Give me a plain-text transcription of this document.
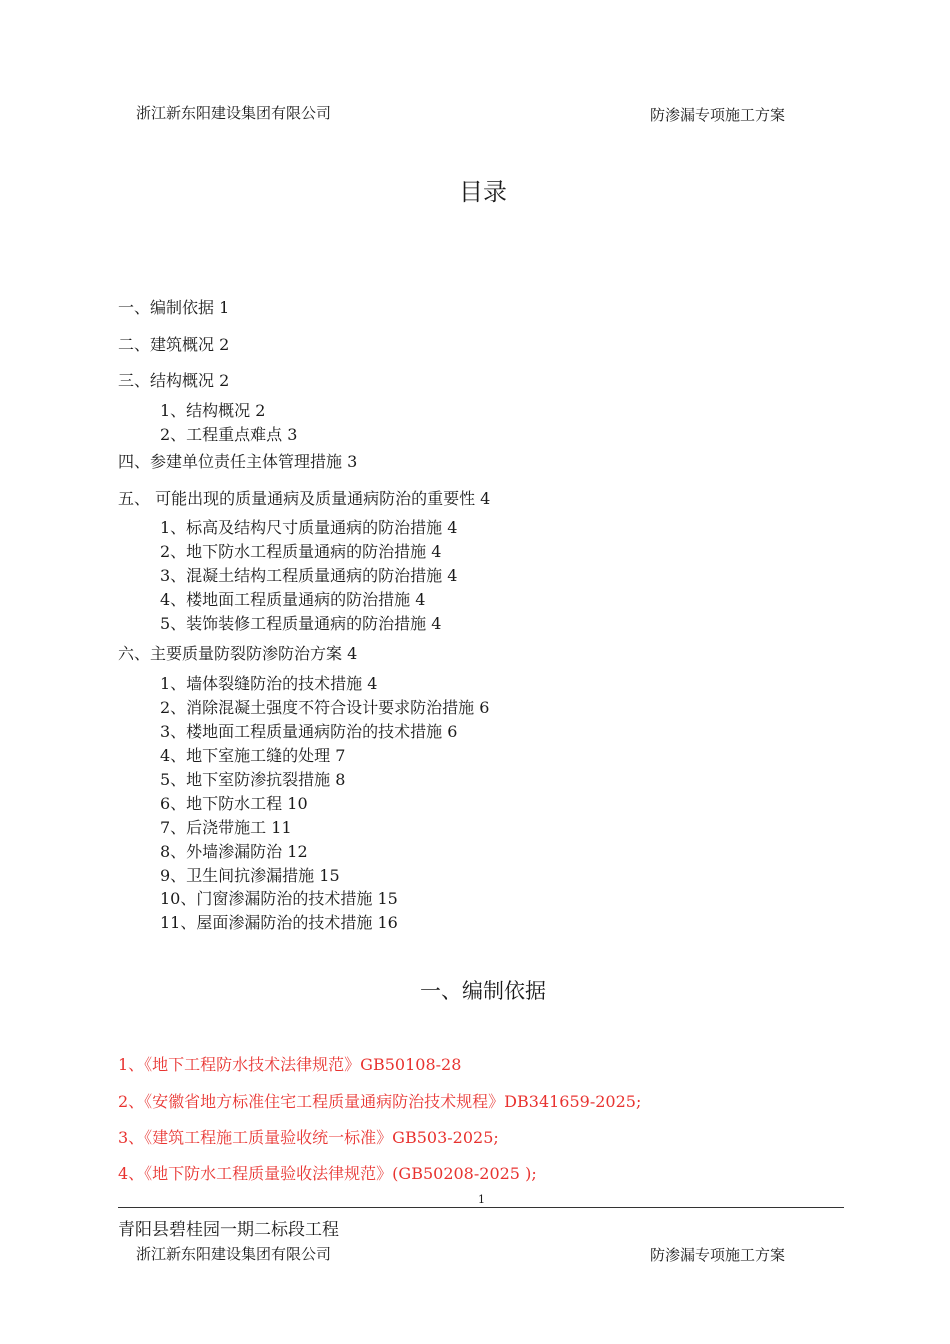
浙江新东阳建设集团有限公司	防渗漏专项施工方案
目录
一、编制依据 1
二、建筑概况 2
三、结构概况 2
1、结构概况 2
2、工程重点难点 3
四、参建单位责任主体管理措施 3
五、 可能出现的质量通病及质量通病防治的重要性 4
1、标高及结构尺寸质量通病的防治措施 4
2、地下防水工程质量通病的防治措施 4
3、混凝土结构工程质量通病的防治措施 4
4、楼地面工程质量通病的防治措施 4
5、装饰装修工程质量通病的防治措施 4
六、主要质量防裂防渗防治方案 4
1、墙体裂缝防治的技术措施 4
2、消除混凝土强度不符合设计要求防治措施 6
3、楼地面工程质量通病防治的技术措施 6
4、地下室施工缝的处理 7
5、地下室防渗抗裂措施 8
6、地下防水工程 10
7、后浇带施工 11
8、外墙渗漏防治 12
9、卫生间抗渗漏措施 15
10、门窗渗漏防治的技术措施 15
11、屋面渗漏防治的技术措施 16
一、编制依据
1、《地下工程防水技术法律规范》GB50108-28
2、《安徽省地方标准住宅工程质量通病防治技术规程》DB341659-2025;
3、《建筑工程施工质量验收统一标准》GB503-2025;
4、《地下防水工程质量验收法律规范》(GB50208-2025 );
1
青阳县碧桂园一期二标段工程
浙江新东阳建设集团有限公司	防渗漏专项施工方案
